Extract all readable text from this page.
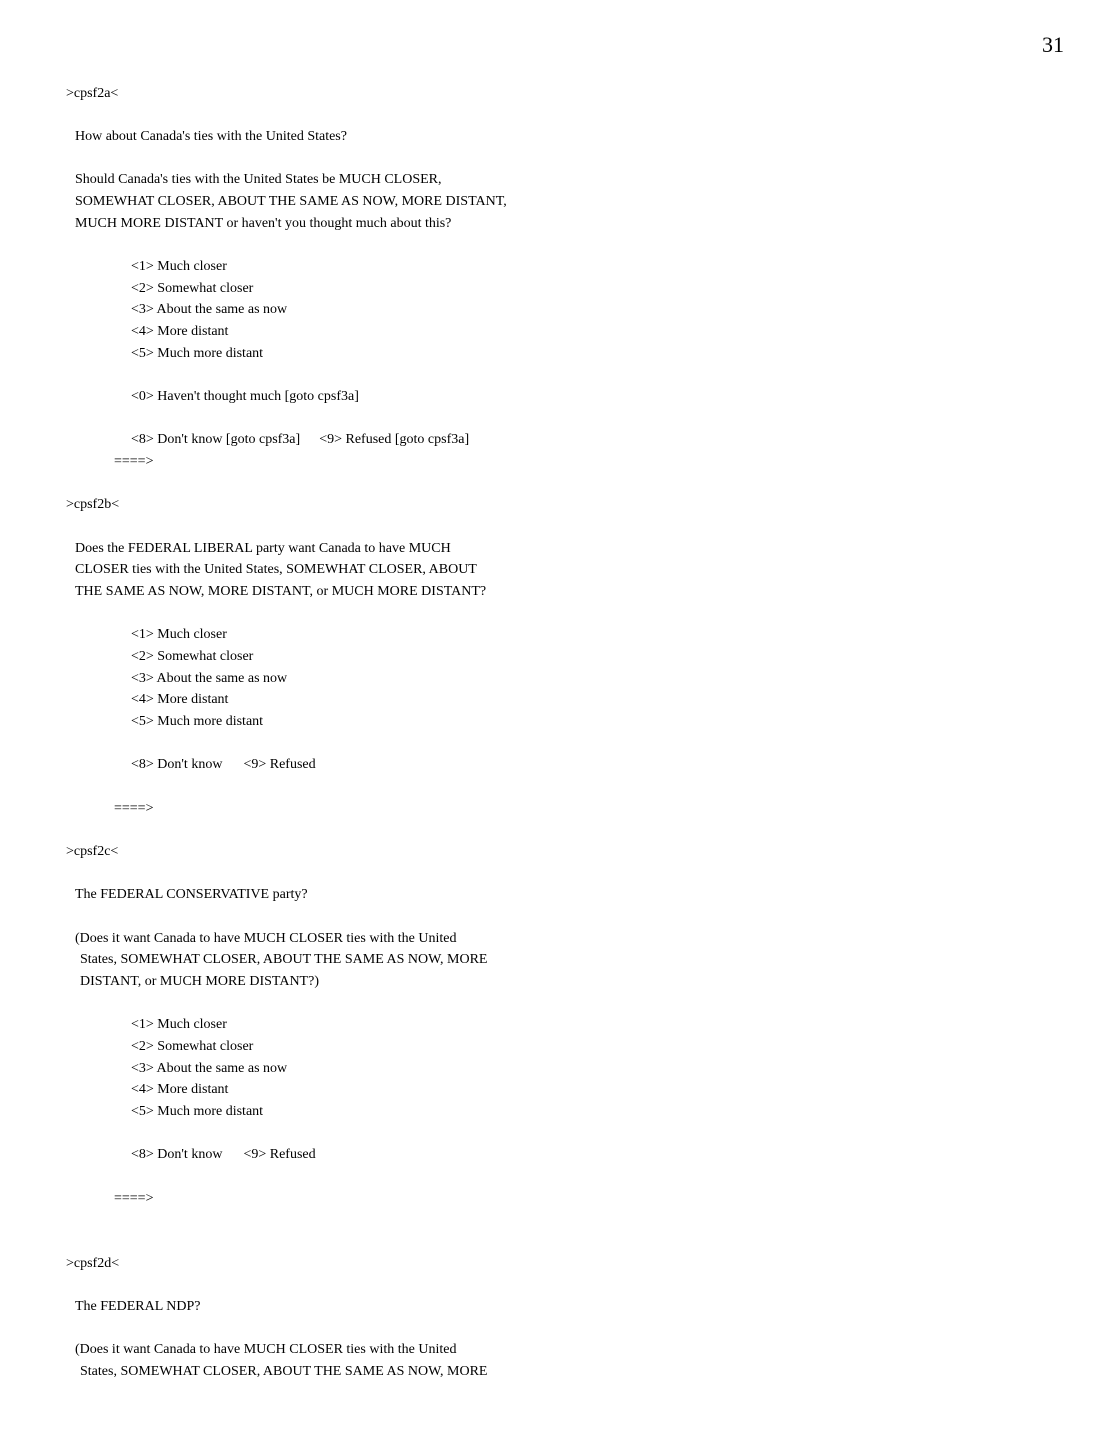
31
>cpsf2a<
How about Canada's ties with the United States?
Should Canada's ties with the United States be MUCH CLOSER,
SOMEWHAT CLOSER, ABOUT THE SAME AS NOW, MORE DISTANT,
MUCH MORE DISTANT or haven't you thought much about this?
<1> Much closer
<2> Somewhat closer
<3> About the same as now
<4> More distant
<5> Much more distant
<0> Haven't thought much [goto cpsf3a]
<8> Don't know [goto cpsf3a] <9> Refused [goto cpsf3a]
====>
>cpsf2b<
Does the FEDERAL LIBERAL party want Canada to have MUCH
CLOSER ties with the United States, SOMEWHAT CLOSER, ABOUT
THE SAME AS NOW, MORE DISTANT, or MUCH MORE DISTANT?
<1> Much closer
<2> Somewhat closer
<3> About the same as now
<4> More distant
<5> Much more distant
<8> Don't know <9> Refused
====>
>cpsf2c<
The FEDERAL CONSERVATIVE party?
(Does it want Canada to have MUCH CLOSER ties with the United
States, SOMEWHAT CLOSER, ABOUT THE SAME AS NOW, MORE
DISTANT, or MUCH MORE DISTANT?)
<1> Much closer
<2> Somewhat closer
<3> About the same as now
<4> More distant
<5> Much more distant
<8> Don't know <9> Refused
====>
>cpsf2d<
The FEDERAL NDP?
(Does it want Canada to have MUCH CLOSER ties with the United
States, SOMEWHAT CLOSER, ABOUT THE SAME AS NOW, MORE
